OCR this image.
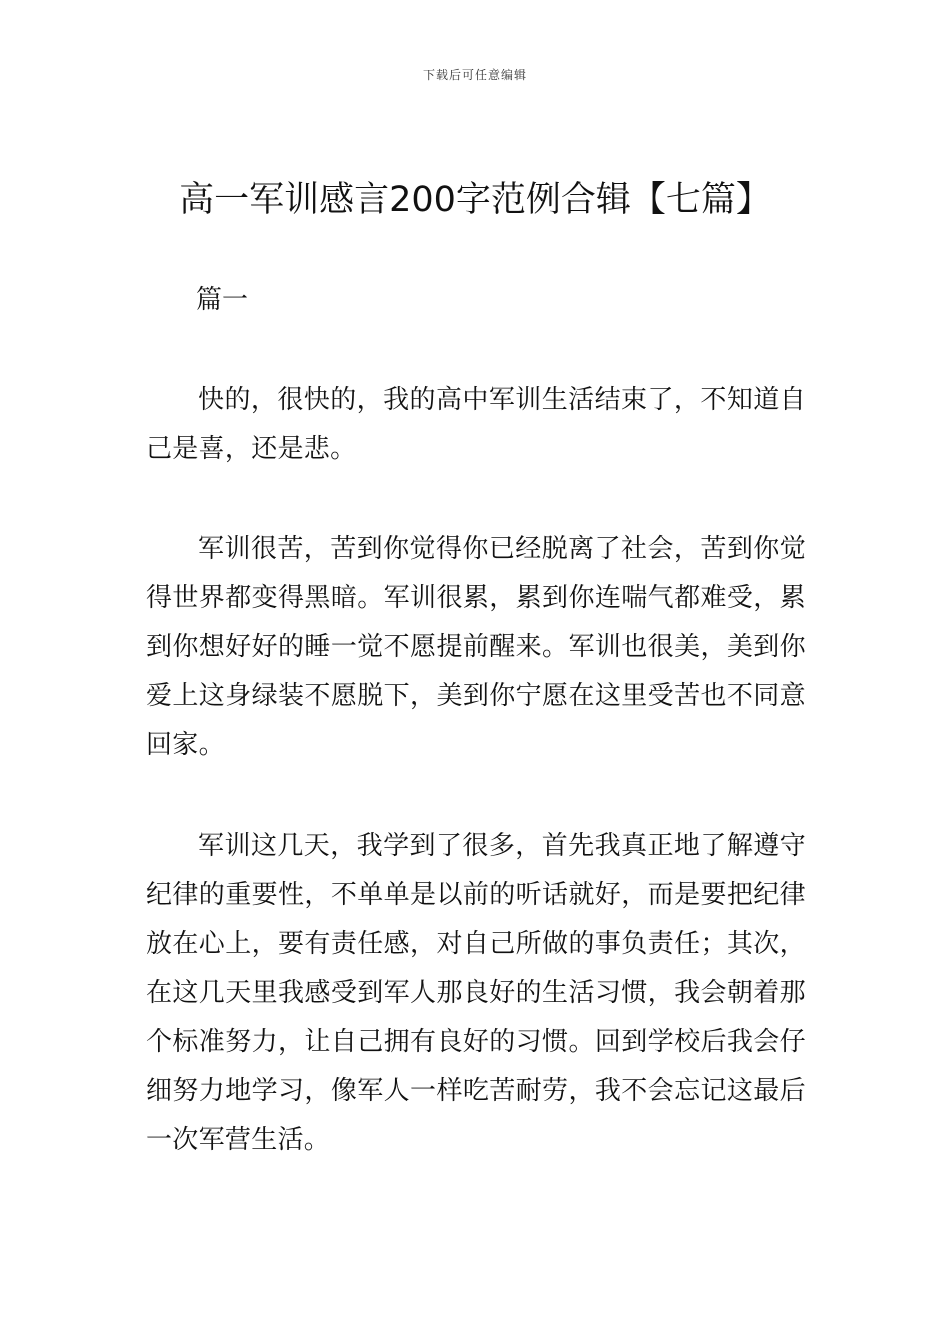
下载后可任意编辑
高一军训感言200字范例合辑【七篇】
篇一

快的，很快的，我的高中军训生活结束了，不知道自己是喜，还是悲。

军训很苦，苦到你觉得你已经脱离了社会，苦到你觉得世界都变得黑暗。军训很累，累到你连喘气都难受，累到你想好好的睡一觉不愿提前醒来。军训也很美，美到你爱上这身绿装不愿脱下，美到你宁愿在这里受苦也不同意回家。

军训这几天，我学到了很多，首先我真正地了解遵守纪律的重要性，不单单是以前的听话就好，而是要把纪律放在心上，要有责任感，对自己所做的事负责任；其次，在这几天里我感受到军人那良好的生活习惯，我会朝着那个标准努力，让自己拥有良好的习惯。回到学校后我会仔细努力地学习，像军人一样吃苦耐劳，我不会忘记这最后一次军营生活。
